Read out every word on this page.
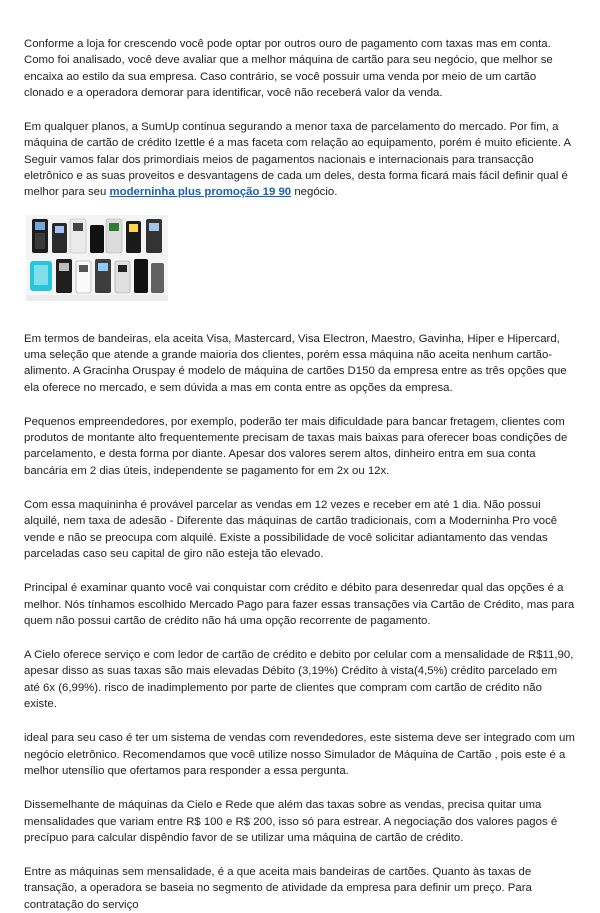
Conforme a loja for crescendo você pode optar por outros ouro de pagamento com taxas mas em conta. Como foi analisado, você deve avaliar que a melhor máquina de cartão para seu negócio, que melhor se encaixa ao estilo da sua empresa. Caso contrário, se você possuir uma venda por meio de um cartão clonado e a operadora demorar para identificar, você não receberá valor da venda.

Em qualquer planos, a SumUp continua segurando a menor taxa de parcelamento do mercado. Por fim, a máquina de cartão de crédito Izettle é a mas faceta com relação ao equipamento, porém é muito eficiente. A Seguir vamos falar dos primordiais meios de pagamentos nacionais e internacionais para transacção eletrônico e as suas proveitos e desvantagens de cada um deles, desta forma ficará mais fácil definir qual é melhor para seu moderninha plus promoção 19 90 negócio.

Em termos de bandeiras, ela aceita Visa, Mastercard, Visa Electron, Maestro, Gavinha, Hiper e Hipercard, uma seleção que atende a grande maioria dos clientes, porém essa máquina não aceita nenhum cartão-alimento. A Gracinha Oruspay é modelo de máquina de cartões D150 da empresa entre as três opções que ela oferece no mercado, e sem dúvida a mas em conta entre as opções da empresa.

Pequenos empreendedores, por exemplo, poderão ter mais dificuldade para bancar fretagem, clientes com produtos de montante alto frequentemente precisam de taxas mais baixas para oferecer boas condições de parcelamento, e desta forma por diante. Apesar dos valores serem altos, dinheiro entra em sua conta bancária em 2 dias úteis, independente se pagamento for em 2x ou 12x.

Com essa maquininha é provável parcelar as vendas em 12 vezes e receber em até 1 dia. Não possui alquilé, nem taxa de adesão - Diferente das máquinas de cartão tradicionais, com a Moderninha Pro você vende e não se preocupa com alquilé. Existe a possibilidade de você solicitar adiantamento das vendas parceladas caso seu capital de giro não esteja tão elevado.

Principal é examinar quanto você vai conquistar com crédito e débito para desenredar qual das opções é a melhor. Nós tínhamos escolhido Mercado Pago para fazer essas transações via Cartão de Crédito, mas para quem não possui cartão de crédito não há uma opção recorrente de pagamento.

A Cielo oferece serviço e com ledor de cartão de crédito e debito por celular com a mensalidade de R$11,90, apesar disso as suas taxas são mais elevadas Débito (3,19%) Crédito à vista(4,5%) crédito parcelado em até 6x (6,99%). risco de inadimplemento por parte de clientes que compram com cartão de crédito não existe.

ideal para seu caso é ter um sistema de vendas com revendedores, este sistema deve ser integrado com um negócio eletrônico. Recomendamos que você utilize nosso Simulador de Máquina de Cartão , pois este é a melhor utensílio que ofertamos para responder a essa pergunta.

Dissemelhante de máquinas da Cielo e Rede que além das taxas sobre as vendas, precisa quitar uma mensalidades que variam entre R$ 100 e R$ 200, isso só para estrear. A negociação dos valores pagos é precípuo para calcular dispêndio favor de se utilizar uma máquina de cartão de crédito.

Entre as máquinas sem mensalidade, é a que aceita mais bandeiras de cartões. Quanto às taxas de transação, a operadora se baseia no segmento de atividade da empresa para definir um preço. Para contratação do serviço
